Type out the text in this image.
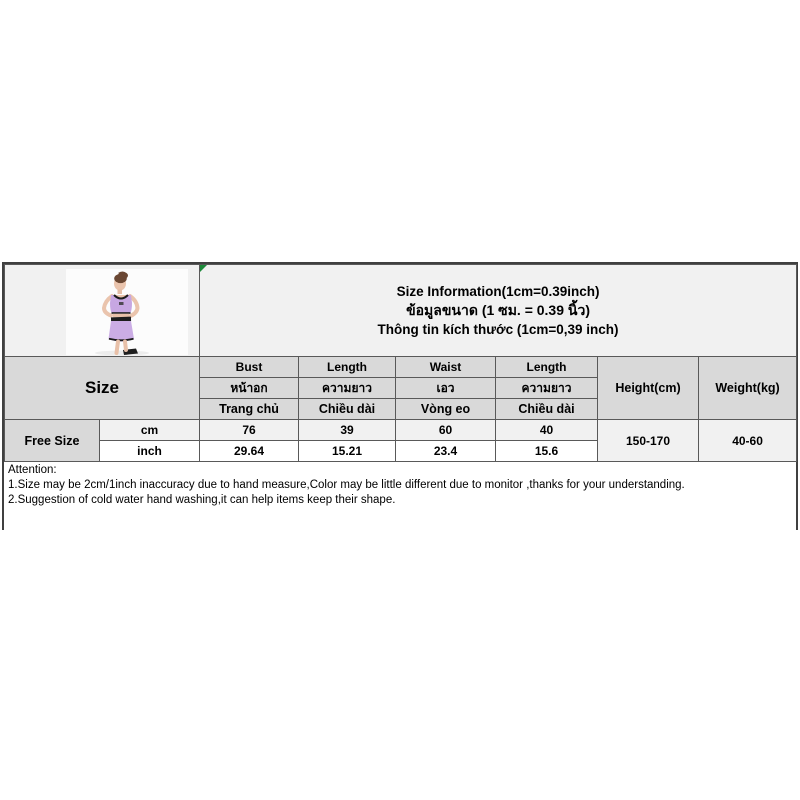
Size Information(1cm=0.39inch)
ข้อมูลขนาด (1 ซม. = 0.39 นิ้ว)
Thông tin kích thước (1cm=0,39 inch)					

Size		Bust	Length	Waist	Length	Height(cm)	Weight(kg)
		หน้าอก	ความยาว	เอว	ความยาว		
		Trang chủ	Chiều dài	Vòng eo	Chiều dài		
Free Size	cm	76	39	60	40	150-170	40-60
	inch	29.64	15.21	23.4	15.6		
Attention:
1.Size may be 2cm/1inch inaccuracy due to hand measure,Color may be little different due to monitor ,thanks for your understanding.
2.Suggestion of cold water hand washing,it can help items keep their shape.
